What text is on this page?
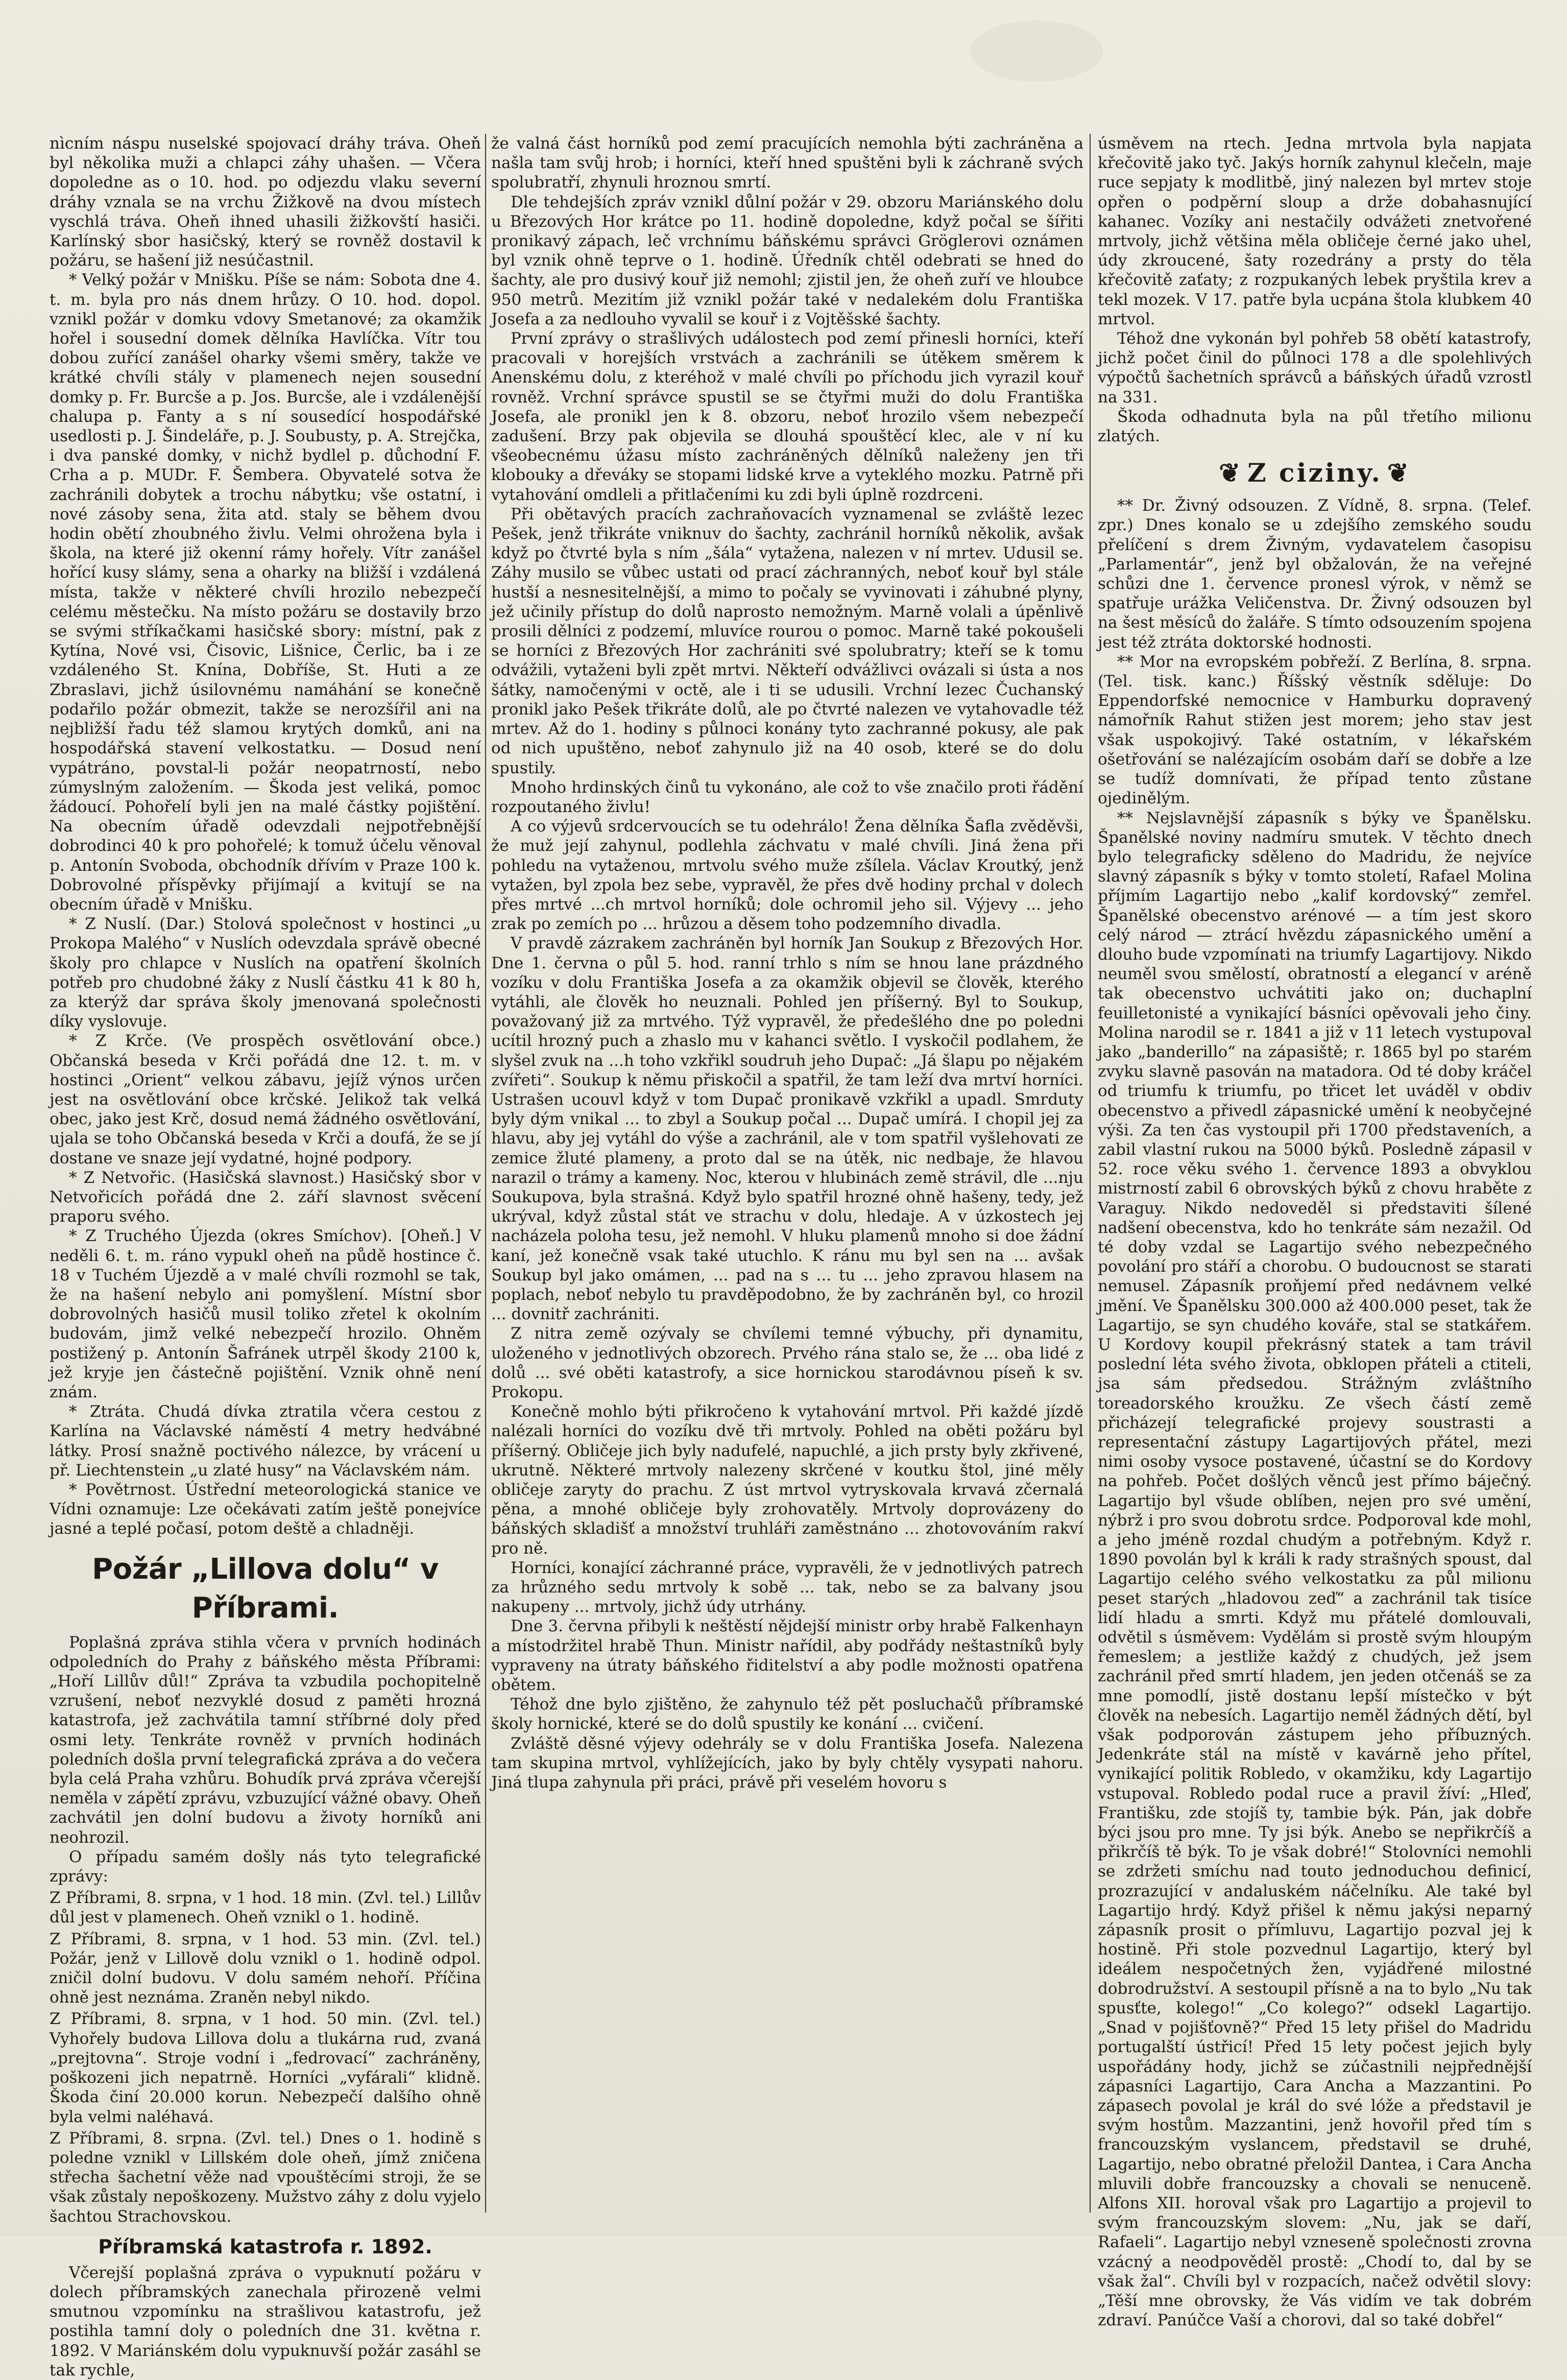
nìcním náspu nuselské spojovací dráhy tráva. Oheň byl několika muži a chlapci záhy uhašen. — Včera dopoledne as o 10. hod. po odjezdu vlaku severní dráhy vznala se na vrchu Žižkově na dvou místech vyschlá tráva. Oheň ihned uhasili žižkovští hasiči. Karlínský sbor hasičský, který se rovněž dostavil k požáru, se hašení již nesúčastnil.

* Velký požár v Mnišku. Píše se nám: Sobota dne 4. t. m. byla pro nás dnem hrůzy. O 10. hod. dopol. vznikl požár v domku vdovy Smetanové; za okamžik hořel i sousední domek dělníka Havlíčka. Vítr tou dobou zuřící zanášel oharky všemi směry, takže ve krátké chvíli stály v plamenech nejen sousední domky p. Fr. Burcše a p. Jos. Burcše, ale i vzdálenější chalupa p. Fanty a s ní sousedící hospodářské usedlosti p. J. Šindeláře, p. J. Soubusty, p. A. Strejčka, i dva panské domky, v nichž bydlel p. důchodní F. Crha a p. MUDr. F. Šembera. Obyvatelé sotva že zachránili dobytek a trochu nábytku; vše ostatní, i nové zásoby sena, žita atd. staly se během dvou hodin obětí zhoubného živlu. Velmi ohrožena byla i škola, na které již okenní rámy hořely. Vítr zanášel hořící kusy slámy, sena a oharky na bližší i vzdálená místa, takže v některé chvíli hrozilo nebezpečí celému městečku. Na místo požáru se dostavily brzo se svými stříkačkami hasičské sbory: místní, pak z Kytína, Nové vsi, Čisovic, Lišnice, Čerlic, ba i ze vzdáleného St. Knína, Dobříše, St. Huti a ze Zbraslavi, jichž úsilovnému namáhání se konečně podařilo požár obmezit, takže se nerozšířil ani na nejbližší řadu též slamou krytých domků, ani na hospodářská stavení velkostatku. — Dosud není vypátráno, povstal-li požár neopatrností, nebo zúmyslným založením. — Škoda jest veliká, pomoc žádoucí. Pohořelí byli jen na malé částky pojištění. Na obecním úřadě odevzdali nejpotřebnější dobrodinci 40 k pro pohořelé; k tomuž účelu věnoval p. Antonín Svoboda, obchodník dřívím v Praze 100 k. Dobrovolné příspěvky přijímají a kvitují se na obecním úřadě v Mnišku.

* Z Nuslí. (Dar.) Stolová společnost v hostinci „u Prokopa Malého“ v Nuslích odevzdala správě obecné školy pro chlapce v Nuslích na opatření školních potřeb pro chudobné žáky z Nuslí částku 41 k 80 h, za kterýž dar správa školy jmenovaná společnosti díky vyslovuje.

* Z Krče. (Ve prospěch osvětlování obce.) Občanská beseda v Krči pořádá dne 12. t. m. v hostinci „Orient“ velkou zábavu, jejíž výnos určen jest na osvětlování obce krčské. Jelikož tak velká obec, jako jest Krč, dosud nemá žádného osvětlování, ujala se toho Občanská beseda v Krči a doufá, že se jí dostane ve snaze její vydatné, hojné podpory.

* Z Netvořic. (Hasičská slavnost.) Hasičský sbor v Netvořicích pořádá dne 2. září slavnost svěcení praporu svého.

* Z Truchého Újezda (okres Smíchov). [Oheň.] V neděli 6. t. m. ráno vypukl oheň na půdě hostince č. 18 v Tuchém Újezdě a v malé chvíli rozmohl se tak, že na hašení nebylo ani pomyšlení. Místní sbor dobrovolných hasičů musil toliko zřetel k okolním budovám, jimž velké nebezpečí hrozilo. Ohněm postižený p. Antonín Šafránek utrpěl škody 2100 k, jež kryje jen částečně pojištění. Vznik ohně není znám.

* Ztráta. Chudá dívka ztratila včera cestou z Karlína na Václavské náměstí 4 metry hedvábné látky. Prosí snažně poctivého nálezce, by vrácení u př. Liechtenstein „u zlaté husy“ na Václavském nám.

* Povětrnost. Ústřední meteorologická stanice ve Vídni oznamuje: Lze očekávati zatím ještě ponejvíce jasné a teplé počasí, potom deště a chladněji.

Požár „Lillova dolu“ v Příbrami.

Poplašná zpráva stihla včera v prvních hodinách odpoledních do Prahy z báňského města Příbrami: „Hoří Lillův důl!“ Zpráva ta vzbudila pochopitelně vzrušení, neboť nezvyklé dosud z paměti hrozná katastrofa, jež zachvátila tamní stříbrné doly před osmi lety. Tenkráte rovněž v prvních hodinách poledních došla první telegrafická zpráva a do večera byla celá Praha vzhůru. Bohudík prvá zpráva včerejší neměla v zápětí zprávu, vzbuzující vážné obavy. Oheň zachvátil jen dolní budovu a životy horníků ani neohrozil.

O případu samém došly nás tyto telegrafické zprávy:

Z Příbrami, 8. srpna, v 1 hod. 18 min. (Zvl. tel.) Lillův důl jest v plamenech. Oheň vznikl o 1. hodině.

Z Příbrami, 8. srpna, v 1 hod. 53 min. (Zvl. tel.) Požár, jenž v Lillově dolu vznikl o 1. hodině odpol. zničil dolní budovu. V dolu samém nehoří. Příčina ohně jest neznáma. Zraněn nebyl nikdo.

Z Příbrami, 8. srpna, v 1 hod. 50 min. (Zvl. tel.) Vyhořely budova Lillova dolu a tlukárna rud, zvaná „prejtovna“. Stroje vodní i „fedrovací“ zachráněny, poškozeni jich nepatrně. Horníci „vyfárali“ klidně. Škoda činí 20.000 korun. Nebezpečí dalšího ohně byla velmi naléhavá.

Z Příbrami, 8. srpna. (Zvl. tel.) Dnes o 1. hodině s poledne vznikl v Lillském dole oheň, jímž zničena střecha šachetní věže nad vpouštěcími stroji, že se však zůstaly nepoškozeny. Mužstvo záhy z dolu vyjelo šachtou Strachovskou.

Příbramská katastrofa r. 1892.

Včerejší poplašná zpráva o vypuknutí požáru v dolech příbramských zanechala přirozeně velmi smutnou vzpomínku na strašlivou katastrofu, jež postihla tamní doly o poledních dne 31. května r. 1892. V Mariánském dolu vypuknuvší požár zasáhl se tak rychle,

že valná část horníků pod zemí pracujících nemohla býti zachráněna a našla tam svůj hrob; i horníci, kteří hned spuštěni byli k záchraně svých spolubratří, zhynuli hroznou smrtí.

Dle tehdejších zpráv vznikl důlní požár v 29. obzoru Mariánského dolu u Březových Hor krátce po 11. hodině dopoledne, když počal se šířiti pronikavý zápach, leč vrchnímu báňskému správci Gröglerovi oznámen byl vznik ohně teprve o 1. hodině. Úředník chtěl odebrati se hned do šachty, ale pro dusivý kouř již nemohl; zjistil jen, že oheň zuří ve hloubce 950 metrů. Mezitím již vznikl požár také v nedalekém dolu Františka Josefa a za nedlouho vyvalil se kouř i z Vojtěšské šachty.

První zprávy o strašlivých událostech pod zemí přinesli horníci, kteří pracovali v horejších vrstvách a zachránili se útěkem směrem k Anenskému dolu, z kteréhož v malé chvíli po příchodu jich vyrazil kouř rovněž. Vrchní správce spustil se se čtyřmi muži do dolu Františka Josefa, ale pronikl jen k 8. obzoru, neboť hrozilo všem nebezpečí zadušení. Brzy pak objevila se dlouhá spouštěcí klec, ale v ní ku všeobecnému úžasu místo zachráněných dělníků naleženy jen tři klobouky a dřeváky se stopami lidské krve a vyteklého mozku. Patrně při vytahování omdleli a přitlačeními ku zdi byli úplně rozdrceni.

Při obětavých pracích zachraňovacích vyznamenal se zvláště lezec Pešek, jenž třikráte vniknuv do šachty, zachránil horníků několik, avšak když po čtvrté byla s ním „šála“ vytažena, nalezen v ní mrtev. Udusil se. Záhy musilo se vůbec ustati od prací záchranných, neboť kouř byl stále hustší a nesnesitelnější, a mimo to počaly se vyvinovati i záhubné plyny, jež učinily přístup do dolů naprosto nemožným. Marně volali a úpěnlivě prosili dělníci z podzemí, mluvíce rourou o pomoc. Marně také pokoušeli se horníci z Březových Hor zachrániti své spolubratry; kteří se k tomu odvážili, vytaženi byli zpět mrtvi. Někteří odvážlivci ovázali si ústa a nos šátky, namočenými v octě, ale i ti se udusili. Vrchní lezec Čuchanský pronikl jako Pešek třikráte dolů, ale po čtvrté nalezen ve vytahovadle též mrtev. Až do 1. hodiny s půlnoci konány tyto zachranné pokusy, ale pak od nich upuštěno, neboť zahynulo již na 40 osob, které se do dolu spustily.

Mnoho hrdinských činů tu vykonáno, ale což to vše značilo proti řádění rozpoutaného živlu!

A co výjevů srdcervoucích se tu odehrálo! Žena dělníka Šafla zvěděvši, že muž její zahynul, podlehla záchvatu v malé chvíli. Jiná žena při pohledu na vytaženou, mrtvolu svého muže zšílela. Václav Kroutký, jenž vytažen, byl zpola bez sebe, vypravěl, že přes dvě hodiny prchal v dolech přes mrtvé ...ch mrtvol horníků; dole ochromil jeho sil. Výjevy ... jeho zrak po zemích po ... hrůzou a děsem toho podzemního divadla.

V pravdě zázrakem zachráněn byl horník Jan Soukup z Březových Hor. Dne 1. června o půl 5. hod. ranní trhlo s ním se hnou lane prázdného vozíku v dolu Františka Josefa a za okamžik objevil se člověk, kterého vytáhli, ale člověk ho neuznali. Pohled jen příšerný. Byl to Soukup, považovaný již za mrtvého. Týž vypravěl, že předešlého dne po poledni ucítil hrozný puch a zhaslo mu v kahanci světlo. I vyskočil podlahem, že slyšel zvuk na ...h toho vzkřikl soudruh jeho Dupač: „Já šlapu po nějakém zvířeti“. Soukup k němu přiskočil a spatřil, že tam leží dva mrtví horníci. Ustrašen ucouvl když v tom Dupač pronikavě vzkřikl a upadl. Smrduty byly dým vnikal ... to zbyl a Soukup počal ... Dupač umírá. I chopil jej za hlavu, aby jej vytáhl do výše a zachránil, ale v tom spatřil vyšlehovati ze zemice žluté plameny, a proto dal se na útěk, nic nedbaje, že hlavou narazil o trámy a kameny. Noc, kterou v hlubinách země strávil, dle ...nju Soukupova, byla strašná. Když bylo spatřil hrozné ohně hašeny, tedy, jež ukrýval, když zůstal stát ve strachu v dolu, hledaje. A v úzkostech jej nacházela poloha tesu, jež nemohl. V hluku plamenů mnoho si doe žádní kaní, jež konečně vsak také utuchlo. K ránu mu byl sen na ... avšak Soukup byl jako omámen, ... pad na s ... tu ... jeho zpravou hlasem na poplach, neboť nebylo tu pravděpodobno, že by zachráněn byl, co hrozil ... dovnitř zachrániti.

Z nitra země ozývaly se chvílemi temné výbuchy, při dynamitu, uloženého v jednotlivých obzorech. Prvého rána stalo se, že ... oba lidé z dolů ... své oběti katastrofy, a sice hornickou starodávnou píseň k sv. Prokopu.

Konečně mohlo býti přikročeno k vytahování mrtvol. Při každé jízdě nalézali horníci do vozíku dvě tři mrtvoly. Pohled na oběti požáru byl příšerný. Obličeje jich byly nadufelé, napuchlé, a jich prsty byly zkřivené, ukrutně. Některé mrtvoly nalezeny skrčené v koutku štol, jiné měly obličeje zaryty do prachu. Z úst mrtvol vytryskovala krvavá zčernalá pěna, a mnohé obličeje byly zrohovatěly. Mrtvoly doprovázeny do báňských skladišť a množství truhláři zaměstnáno ... zhotovováním rakví pro ně.

Horníci, konající záchranné práce, vypravěli, že v jednotlivých patrech za hrůzného sedu mrtvoly k sobě ... tak, nebo se za balvany jsou nakupeny ... mrtvoly, jichž údy utrhány.

Dne 3. června přibyli k neštěstí nějdejší ministr orby hrabě Falkenhayn a místodržitel hrabě Thun. Ministr nařídil, aby podřády neštastníků byly vypraveny na útraty báňského řiditelství a aby podle možnosti opatřena obětem.

Téhož dne bylo zjištěno, že zahynulo též pět posluchačů příbramské školy hornické, které se do dolů spustily ke konání ... cvičení.

Zvláště děsné výjevy odehrály se v dolu Františka Josefa. Nalezena tam skupina mrtvol, vyhlížejících, jako by byly chtěly vysypati nahoru. Jiná tlupa zahynula při práci, právě při veselém hovoru s

úsměvem na rtech. Jedna mrtvola byla napjata křečovitě jako tyč. Jakýs horník zahynul klečeln, maje ruce sepjaty k modlitbě, jiný nalezen byl mrtev stoje opřen o podpěrní sloup a drže dobahasnující kahanec. Vozíky ani nestačily odvážeti znetvořené mrtvoly, jichž většina měla obličeje černé jako uhel, údy zkroucené, šaty rozedrány a prsty do těla křečovitě zaťaty; z rozpukaných lebek pryštila krev a tekl mozek. V 17. patře byla ucpána štola klubkem 40 mrtvol.

Téhož dne vykonán byl pohřeb 58 obětí katastrofy, jichž počet činil do půlnoci 178 a dle spolehlivých výpočtů šachetních správců a báňských úřadů vzrostl na 331.

Škoda odhadnuta byla na půl třetího milionu zlatých.

❦ Z ciziny. ❦

** Dr. Živný odsouzen. Z Vídně, 8. srpna. (Telef. zpr.) Dnes konalo se u zdejšího zemského soudu přelíčení s drem Živným, vydavatelem časopisu „Parlamentár“, jenž byl obžalován, že na veřejné schůzi dne 1. července pronesl výrok, v němž se spatřuje urážka Veličenstva. Dr. Živný odsouzen byl na šest měsíců do žaláře. S tímto odsouzením spojena jest též ztráta doktorské hodnosti.

** Mor na evropském pobřeží. Z Berlína, 8. srpna. (Tel. tisk. kanc.) Říšský věstník sděluje: Do Eppendorfské nemocnice v Hamburku dopravený námořník Rahut stižen jest morem; jeho stav jest však uspokojivý. Také ostatním, v lékařském ošetřování se nalézajícím osobám daří se dobře a lze se tudíž domnívati, že případ tento zůstane ojedinělým.

** Nejslavnější zápasník s býky ve Španělsku. Španělské noviny nadmíru smutek. V těchto dnech bylo telegraficky sděleno do Madridu, že nejvíce slavný zápasník s býky v tomto století, Rafael Molina příjmím Lagartijo nebo „kalif kordovský“ zemřel. Španělské obecenstvo arénové — a tím jest skoro celý národ — ztrácí hvězdu zápasnického umění a dlouho bude vzpomínati na triumfy Lagartijovy. Nikdo neuměl svou smělostí, obratností a elegancí v aréně tak obecenstvo uchvátiti jako on; duchaplní feuilletonisté a vynikající básníci opěvovali jeho činy. Molina narodil se r. 1841 a již v 11 letech vystupoval jako „banderillo“ na zápasiště; r. 1865 byl po starém zvyku slavně pasován na matadora. Od té doby kráčel od triumfu k triumfu, po třicet let uváděl v obdiv obecenstvo a přivedl zápasnické umění k neobyčejné výši. Za ten čas vystoupil při 1700 představeních, a zabil vlastní rukou na 5000 býků. Posledně zápasil v 52. roce věku svého 1. července 1893 a obvyklou mistrností zabil 6 obrovských býků z chovu hraběte z Varaguy. Nikdo nedoveděl si představiti šílené nadšení obecenstva, kdo ho tenkráte sám nezažil. Od té doby vzdal se Lagartijo svého nebezpečného povolání pro stáří a chorobu. O budoucnost se starati nemusel. Zápasník proňjemí před nedávnem velké jmění. Ve Španělsku 300.000 až 400.000 peset, tak že Lagartijo, se syn chudého kováře, stal se statkářem. U Kordovy koupil překrásný statek a tam trávil poslední léta svého života, obklopen přáteli a ctiteli, jsa sám předsedou. Strážným zvláštního toreadorského kroužku. Ze všech částí země přicházejí telegrafické projevy soustrasti a representační zástupy Lagartijových přátel, mezi nimi osoby vysoce postavené, účastní se do Kordovy na pohřeb. Počet došlých věnců jest přímo báječný. Lagartijo byl všude oblíben, nejen pro své umění, nýbrž i pro svou dobrotu srdce. Podporoval kde mohl, a jeho jméně rozdal chudým a potřebným. Když r. 1890 povolán byl k králi k rady strašných spoust, dal Lagartijo celého svého velkostatku za půl milionu peset starých „hladovou zeď“ a zachránil tak tisíce lidí hladu a smrti. Když mu přátelé domlouvali, odvětil s úsměvem: Vydělám si prostě svým hloupým řemeslem; a jestliže každý z chudých, jež jsem zachránil před smrtí hladem, jen jeden otčenáš se za mne pomodlí, jistě dostanu lepší místečko v být člověk na nebesích. Lagartijo neměl žádných dětí, byl však podporován zástupem jeho příbuzných. Jedenkráte stál na místě v kavárně jeho přítel, vynikající politik Robledo, v okamžiku, kdy Lagartijo vstupoval. Robledo podal ruce a pravil žíví: „Hleď, Františku, zde stojíš ty, tambie býk. Pán, jak dobře býci jsou pro mne. Ty jsi býk. Anebo se nepřikrčíš a přikrčíš tě býk. To je však dobré!“ Stolovníci nemohli se zdržeti smíchu nad touto jednoduchou definicí, prozrazující v andaluském náčelníku. Ale také byl Lagartijo hrdý. Když přišel k němu jakýsi neparný zápasník prosit o přímluvu, Lagartijo pozval jej k hostině. Při stole pozvednul Lagartijo, který byl ideálem nespočetných žen, vyjádřené milostné dobrodružství. A sestoupil přísně a na to bylo „Nu tak spusťte, kolego!“ „Co kolego?“ odsekl Lagartijo. „Snad v pojišťovně?“ Před 15 lety přišel do Madridu portugalští ústřicí! Před 15 lety počest jejich byly uspořádány hody, jichž se zúčastnili nejpřednější zápasníci Lagartijo, Cara Ancha a Mazzantini. Po zápasech povolal je král do své lóže a představil je svým hostům. Mazzantini, jenž hovořil před tím s francouzským vyslancem, představil se druhé, Lagartijo, nebo obratné přeložil Danteа, i Cara Ancha mluvili dobře francouzsky a chovali se nenuceně. Alfons XII. horoval však pro Lagartijo a projevil to svým francouzským slovem: „Nu, jak se daří, Rafaeli“. Lagartijo nebyl vzneseně společnosti zrovna vzácný a neodpověděl prostě: „Chodí to, dal by se však žal“. Chvíli byl v rozpacích, načež odvětil slovy: „Těší mne obrovsky, že Vás vidím ve tak dobrém zdraví. Panúčce Vaší a chorovi, dal so také dobřel“
